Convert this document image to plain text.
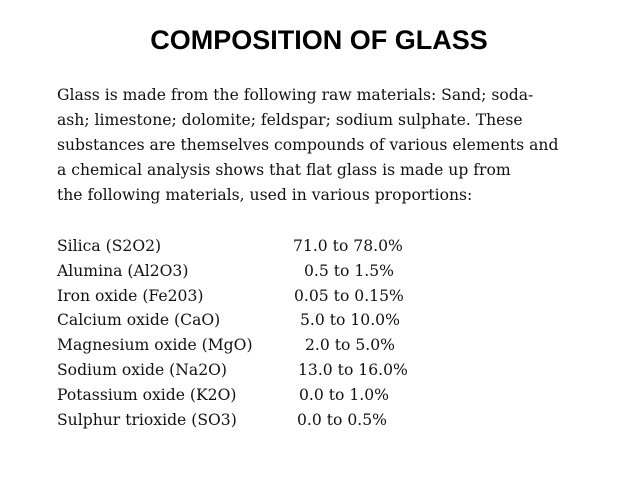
COMPOSITION OF GLASS
Glass is made from the following raw materials: Sand; soda-
ash; limestone; dolomite; feldspar; sodium sulphate. These
substances are themselves compounds of various elements and
a chemical analysis shows that flat glass is made up from
the following materials, used in various proportions:
Silica (S2O2)	71.0 to 78.0%
Alumina (Al2O3)	0.5 to 1.5%
Iron oxide (Fe203)	0.05 to 0.15%
Calcium oxide (CaO)	5.0 to 10.0%
Magnesium oxide (MgO)	2.0 to 5.0%
Sodium oxide (Na2O)	13.0 to 16.0%
Potassium oxide (K2O)	0.0 to 1.0%
Sulphur trioxide (SO3)	0.0 to 0.5%
